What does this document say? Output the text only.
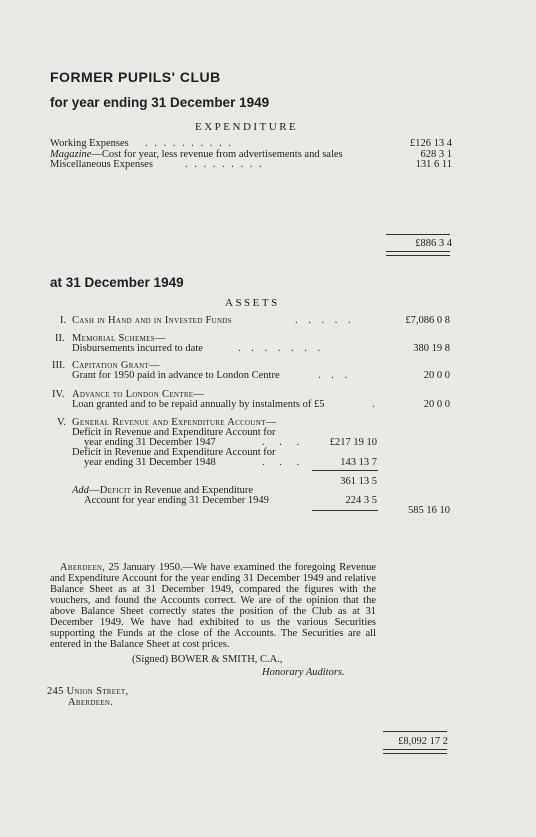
FORMER PUPILS' CLUB
for year ending 31 December 1949
EXPENDITURE
Working Expenses . . . . . . . . . .	£126 13 4
Magazine—Cost for year, less revenue from advertisements and sales	628 3 1
Miscellaneous Expenses	. . . . . . . . .	131 6 11
£886 3 4
at 31 December 1949
ASSETS
I. Cash in Hand and in Invested Funds	. . . . .	£7,086 0 8
II. Memorial Schemes—
Disbursements incurred to date	. . . . . . .	380 19 8
III. Capitation Grant—
Grant for 1950 paid in advance to London Centre	. . .	20 0 0
IV. Advance to London Centre—
Loan granted and to be repaid annually by instalments of £5	.	20 0 0
V. General Revenue and Expenditure Account—
Deficit in Revenue and Expenditure Account for
year ending 31 December 1947	. . .	£217 19 10
Deficit in Revenue and Expenditure Account for
year ending 31 December 1948	. . .	143 13 7
361 13 5
Add—Deficit in Revenue and Expenditure
Account for year ending 31 December 1949	224 3 5
585 16 10
Aberdeen, 25 January 1950.—We have examined the foregoing Revenue and Expenditure Account for the year ending 31 December 1949 and relative Balance Sheet as at 31 December 1949, compared the figures with the vouchers, and found the Accounts correct. We are of the opinion that the above Balance Sheet correctly states the position of the Club as at 31 December 1949. We have had exhibited to us the various Securities supporting the Funds at the close of the Accounts. The Securities are all entered in the Balance Sheet at cost prices.
(Signed) BOWER & SMITH, C.A.,
Honorary Auditors.
245 Union Street,
Aberdeen.
£8,092 17 2
